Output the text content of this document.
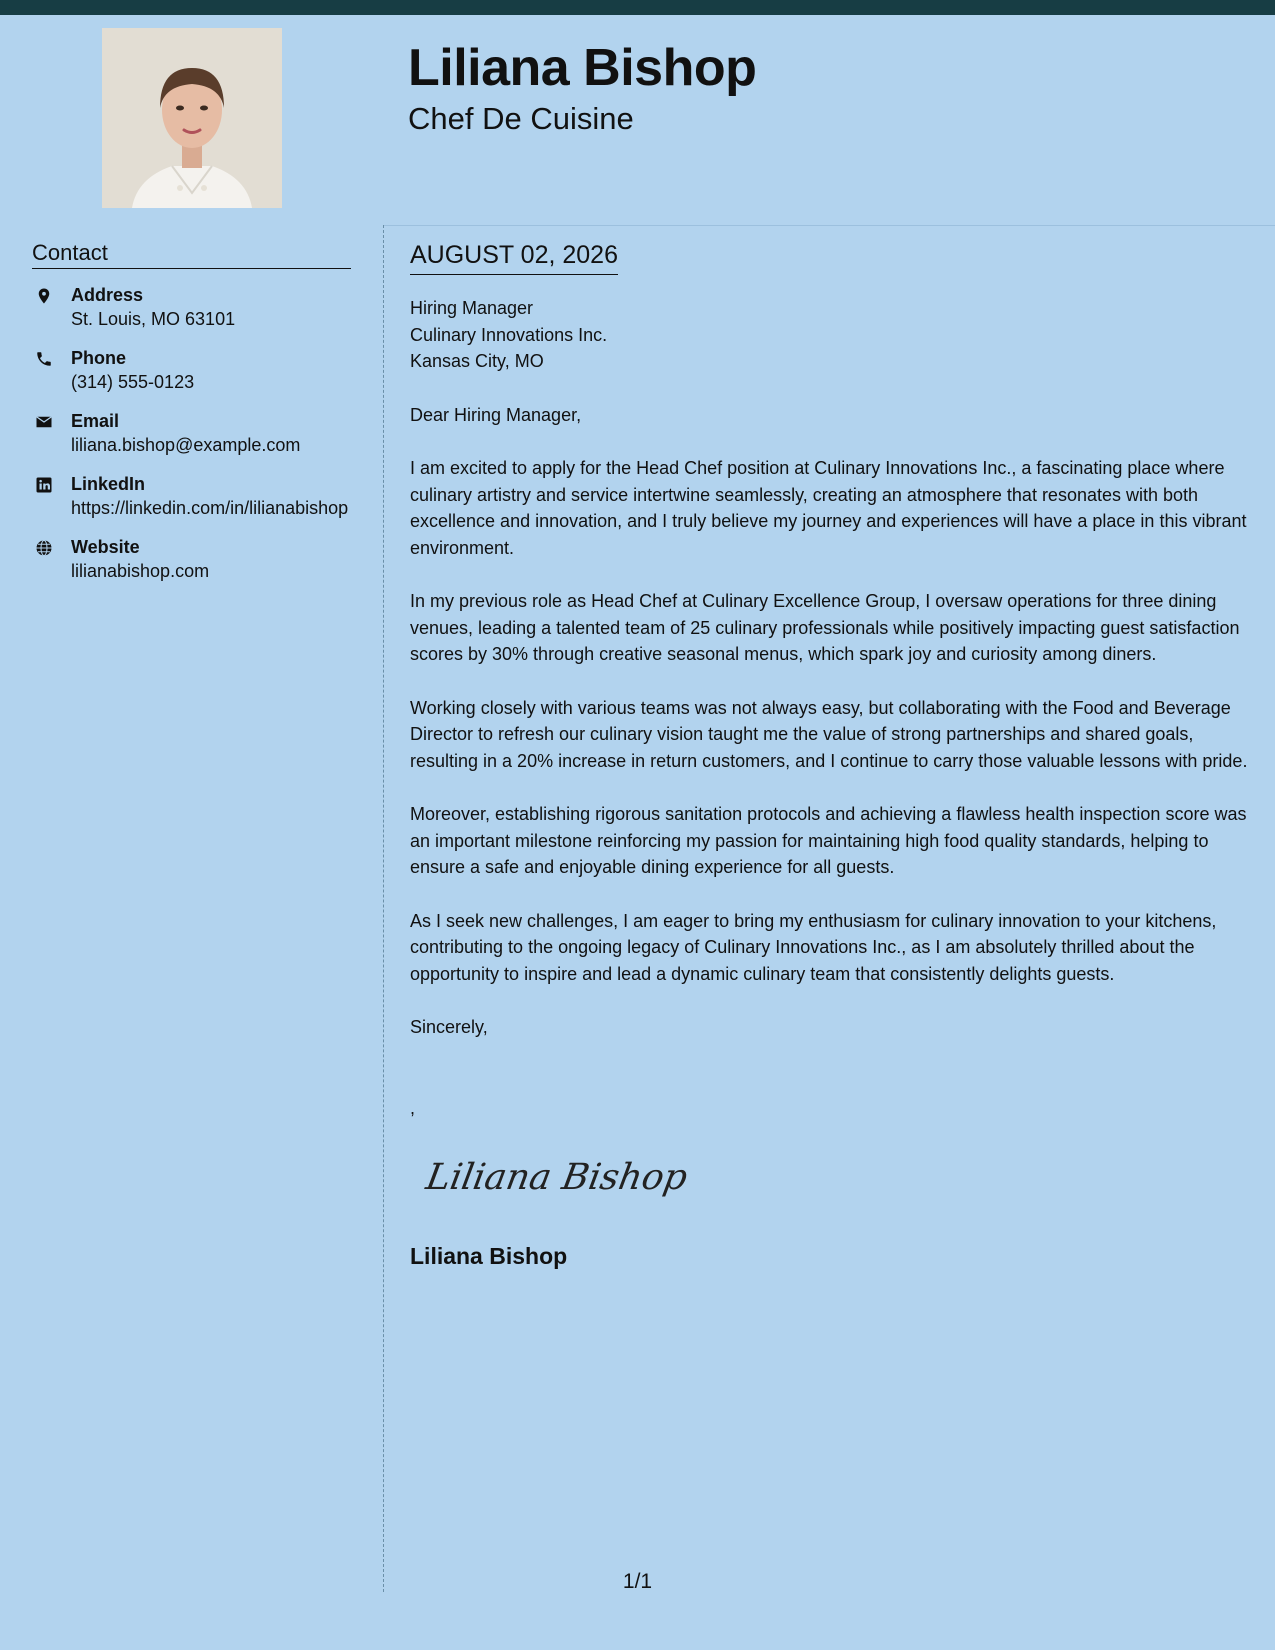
Liliana Bishop
Chef De Cuisine
Contact
Address
St. Louis, MO 63101
Phone
(314) 555-0123
Email
liliana.bishop@example.com
LinkedIn
https://linkedin.com/in/lilianabishop
Website
lilianabishop.com
AUGUST 02, 2026
Hiring Manager
Culinary Innovations Inc.
Kansas City, MO

Dear Hiring Manager,

I am excited to apply for the Head Chef position at Culinary Innovations Inc., a fascinating place where culinary artistry and service intertwine seamlessly, creating an atmosphere that resonates with both excellence and innovation, and I truly believe my journey and experiences will have a place in this vibrant environment.

In my previous role as Head Chef at Culinary Excellence Group, I oversaw operations for three dining venues, leading a talented team of 25 culinary professionals while positively impacting guest satisfaction scores by 30% through creative seasonal menus, which spark joy and curiosity among diners.

Working closely with various teams was not always easy, but collaborating with the Food and Beverage Director to refresh our culinary vision taught me the value of strong partnerships and shared goals, resulting in a 20% increase in return customers, and I continue to carry those valuable lessons with pride.

Moreover, establishing rigorous sanitation protocols and achieving a flawless health inspection score was an important milestone reinforcing my passion for maintaining high food quality standards, helping to ensure a safe and enjoyable dining experience for all guests.

As I seek new challenges, I am eager to bring my enthusiasm for culinary innovation to your kitchens, contributing to the ongoing legacy of Culinary Innovations Inc., as I am absolutely thrilled about the opportunity to inspire and lead a dynamic culinary team that consistently delights guests.

Sincerely,

,
Liliana Bishop
Liliana Bishop
1/1
